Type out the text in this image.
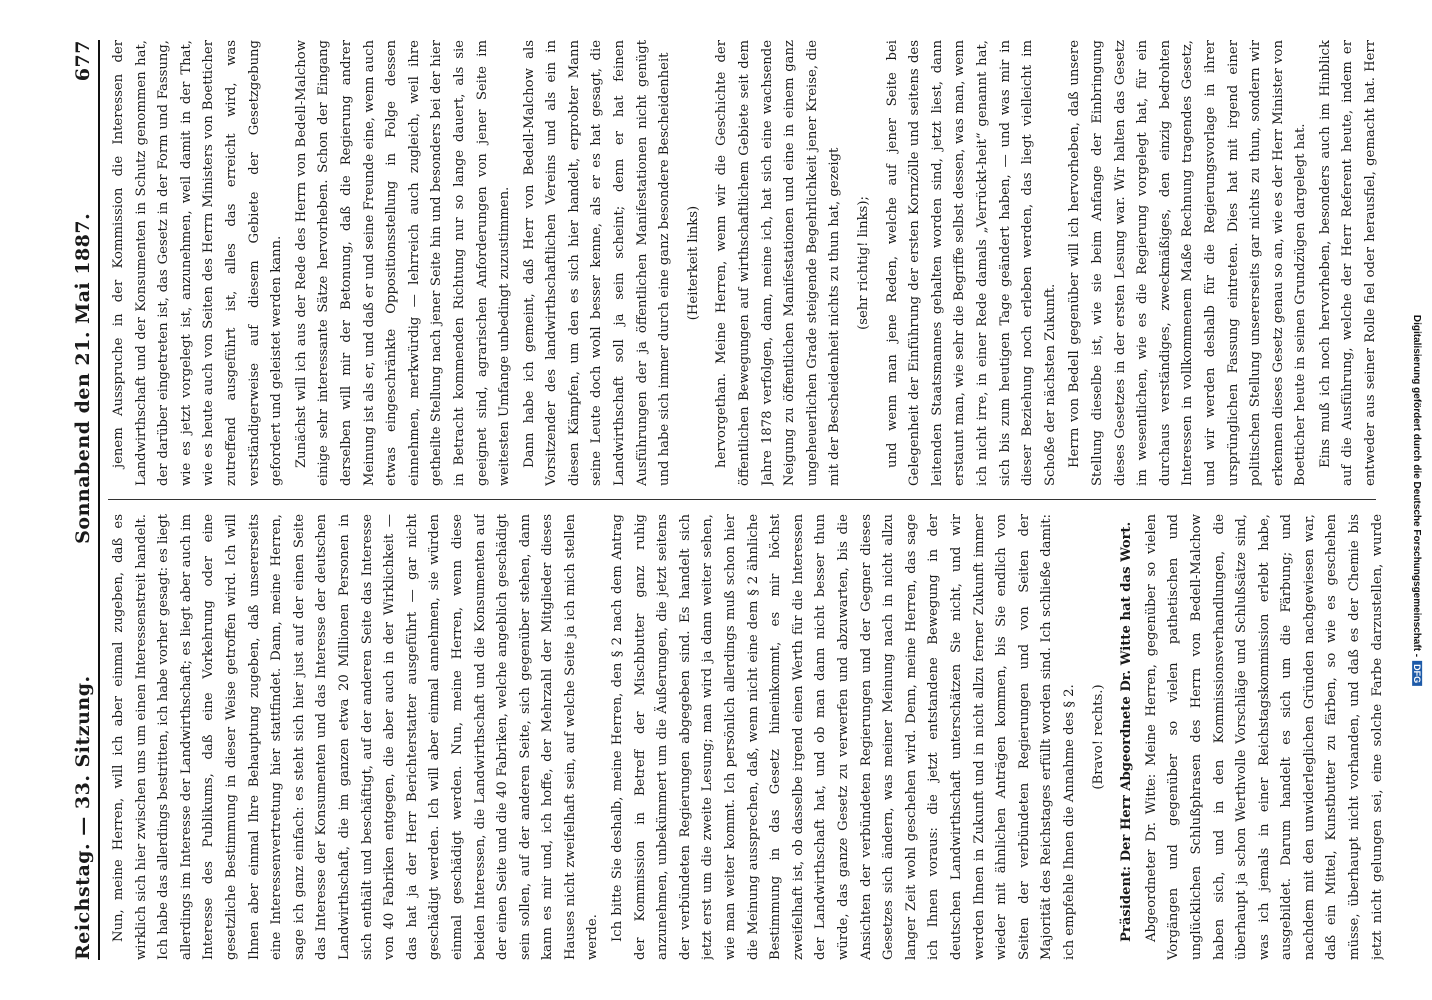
Reichstag. — 33. Sitzung.
Sonnabend den 21. Mai 1887.
677

Nun, meine Herren, will ich aber einmal zugeben, daß es wirklich sich hier zwischen uns um einen Interessenstreit handelt. Ich habe das allerdings bestritten, ich habe vorher gesagt: es liegt allerdings im Interesse der Landwirthschaft; es liegt aber auch im Interesse des Publikums, daß eine Vorkehrung oder eine gesetzliche Bestimmung in dieser Weise getroffen wird. Ich will Ihnen aber einmal Ihre Behauptung zugeben, daß unsererseits eine Interessenvertretung hier stattfindet. Dann, meine Herren, sage ich ganz einfach: es steht sich hier just auf der einen Seite das Interesse der Konsumenten und das Interesse der deutschen Landwirthschaft, die im ganzen etwa 20 Millionen Personen in sich enthält und beschäftigt, auf der anderen Seite das Interesse von 40 Fabriken entgegen, die aber auch in der Wirklichkeit — das hat ja der Herr Berichterstatter ausgeführt — gar nicht geschädigt werden. Ich will aber einmal annehmen, sie würden einmal geschädigt werden. Nun, meine Herren, wenn diese beiden Interessen, die Landwirthschaft und die Konsumenten auf der einen Seite und die 40 Fabriken, welche angeblich geschädigt sein sollen, auf der anderen Seite, sich gegenüber stehen, dann kann es mir und, ich hoffe, der Mehrzahl der Mitglieder dieses Hauses nicht zweifelhaft sein, auf welche Seite ja ich mich stellen werde. Ich bitte Sie deshalb, meine Herren, den § 2 nach dem Antrag der Kommission in Betreff der Mischbutter ganz ruhig anzunehmen, unbekümmert um die Äußerungen, die jetzt seitens der verbündeten Regierungen abgegeben sind. Es handelt sich jetzt erst um die zweite Lesung; man wird ja dann weiter sehen, wie man weiter kommt. Ich persönlich allerdings muß schon hier die Meinung aussprechen, daß, wenn nicht eine dem § 2 ähnliche Bestimmung in das Gesetz hineinkommt, es mir höchst zweifelhaft ist, ob dasselbe irgend einen Werth für die Interessen der Landwirthschaft hat, und ob man dann nicht besser thun würde, das ganze Gesetz zu verwerfen und abzuwarten, bis die Ansichten der verbündeten Regierungen und der Gegner dieses Gesetzes sich ändern, was meiner Meinung nach in nicht allzu langer Zeit wohl geschehen wird. Denn, meine Herren, das sage ich Ihnen voraus: die jetzt entstandene Bewegung in der deutschen Landwirthschaft unterschätzen Sie nicht, und wir werden Ihnen in Zukunft und in nicht allzu ferner Zukunft immer wieder mit ähnlichen Anträgen kommen, bis Sie endlich von Seiten der verbündeten Regierungen und von Seiten der Majorität des Reichstages erfüllt worden sind. Ich schließe damit: ich empfehle Ihnen die Annahme des § 2.	(Bravo! rechts.)	Präsident: Der Herr Abgeordnete Dr. Witte hat das Wort. Abgeordneter Dr. Witte: Meine Herren, gegenüber so vielen Vorgängen und gegenüber so vielen pathetischen und unglücklichen Schlußphrasen des Herrn von Bedell-Malchow haben sich, und in den Kommissionsverhandlungen, die überhaupt ja schon Werthvolle Vorschläge und Schlußsätze sind, was ich jemals in einer Reichstagskommission erlebt habe, ausgebildet. Darum handelt es sich um die Färbung; und nachdem mit den unwiderleglichen Gründen nachgewiesen war, daß ein Mittel, Kunstbutter zu färben, so wie es geschehen müsse, überhaupt nicht vorhanden, und daß es der Chemie bis jetzt nicht gelungen sei, eine solche Farbe darzustellen, wurde

jenem Ausspruche in der Kommission die Interessen der Landwirthschaft und der Konsumenten in Schutz genommen hat, der darüber eingetreten ist, das Gesetz in der Form und Fassung, wie es jetzt vorgelegt ist, anzunehmen, weil damit in der That, wie es heute auch von Seiten des Herrn Ministers von Boetticher zutreffend ausgeführt ist, alles das erreicht wird, was verständigerweise auf diesem Gebiete der Gesetzgebung gefordert und geleistet werden kann. Zunächst will ich aus der Rede des Herrn von Bedell-Malchow einige sehr interessante Sätze hervorheben. Schon der Eingang derselben will mir der Betonung, daß die Regierung andrer Meinung ist als er, und daß er und seine Freunde eine, wenn auch etwas eingeschränkte Oppositionsstellung in Folge dessen einnehmen, merkwürdig — lehrreich auch zugleich, weil ihre getheilte Stellung nach jener Seite hin und besonders bei der hier in Betracht kommenden Richtung nur so lange dauert, als sie geeignet sind, agrarischen Anforderungen von jener Seite im weitesten Umfange unbedingt zuzustimmen. Dann habe ich gemeint, daß Herr von Bedell-Malchow als Vorsitzender des landwirthschaftlichen Vereins und als ein in diesen Kämpfen, um den es sich hier handelt, erprobter Mann seine Leute doch wohl besser kenne, als er es hat gesagt, die Landwirthschaft soll ja sein scheint; denn er hat feinen Ausführungen der ja öffentlichen Manifestationen nicht genügt und habe sich immer durch eine ganz besondere Bescheidenheit	(Heiterkeit links)	hervorgethan. Meine Herren, wenn wir die Geschichte der öffentlichen Bewegungen auf wirthschaftlichem Gebiete seit dem Jahre 1878 verfolgen, dann, meine ich, hat sich eine wachsende Neigung zu öffentlichen Manifestationen und eine in einem ganz ungeheuerlichen Grade steigende Begehrlichkeit jener Kreise, die mit der Bescheidenheit nichts zu thun hat, gezeigt	(sehr richtig! links);	und wenn man jene Reden, welche auf jener Seite bei Gelegenheit der Einführung der ersten Kornzölle und seitens des leitenden Staatsmannes gehalten worden sind, jetzt liest, dann erstaunt man, wie sehr die Begriffe selbst dessen, was man, wenn ich nicht irre, in einer Rede damals „Verrückt-heit“ genannt hat, sich bis zum heutigen Tage geändert haben, — und was mir in dieser Beziehung noch erleben werden, das liegt vielleicht im Schoße der nächsten Zukunft. Herrn von Bedell gegenüber will ich hervorheben, daß unsere Stellung dieselbe ist, wie sie beim Anfange der Einbringung dieses Gesetzes in der ersten Lesung war. Wir halten das Gesetz im wesentlichen, wie es die Regierung vorgelegt hat, für ein durchaus verständiges, zweckmäßiges, den einzig bedrohten Interessen in vollkommenem Maße Rechnung tragendes Gesetz, und wir werden deshalb für die Regierungsvorlage in ihrer ursprünglichen Fassung eintreten. Dies hat mit irgend einer politischen Stellung unsererseits gar nichts zu thun, sondern wir erkennen dieses Gesetz genau so an, wie es der Herr Minister von Boetticher heute in seinen Grundzügen dargelegt hat. Eins muß ich noch hervorheben, besonders auch im Hinblick auf die Ausführung, welche der Herr Referent heute, indem er entweder aus seiner Rolle fiel oder herausfiel, gemacht hat. Herr

Digitalisierung gefördert durch die Deutsche Forschungsgemeinschaft -DFG
